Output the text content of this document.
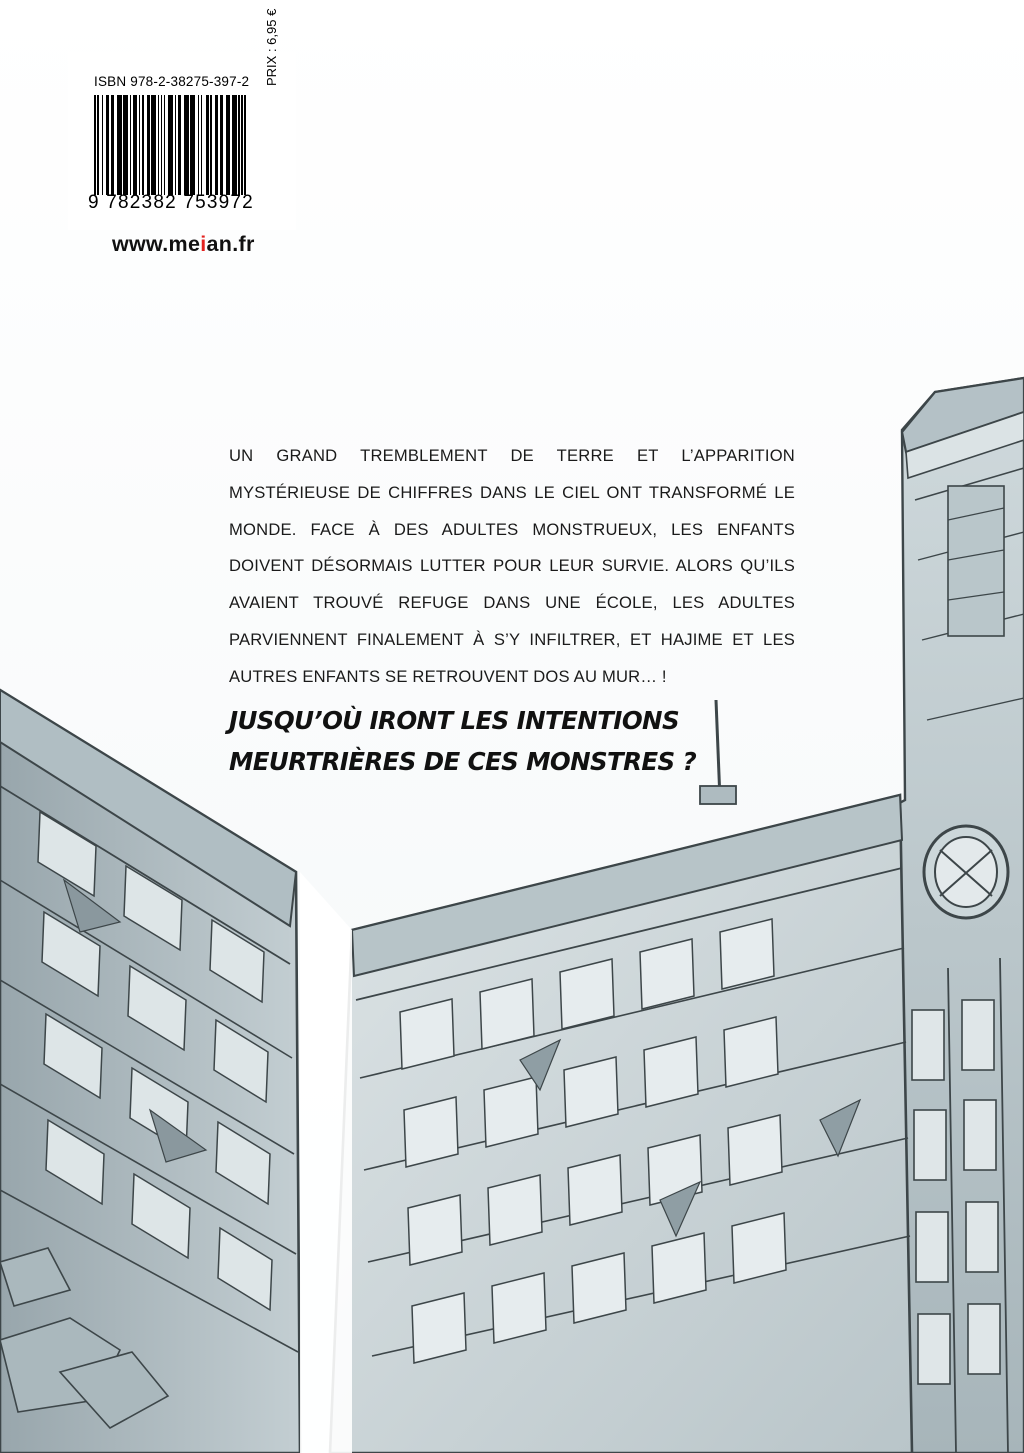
ISBN 978-2-38275-397-2
9 782382 753972
PRIX : 6,95 €
www.meian.fr

UN GRAND TREMBLEMENT DE TERRE ET L’APPARITION MYSTÉRIEUSE DE CHIFFRES DANS LE CIEL ONT TRANSFORMÉ LE MONDE. FACE À DES ADULTES MONSTRUEUX, LES ENFANTS DOIVENT DÉSORMAIS LUTTER POUR LEUR SURVIE. ALORS QU’ILS AVAIENT TROUVÉ REFUGE DANS UNE ÉCOLE, LES ADULTES PARVIENNENT FINALEMENT À S’Y INFILTRER, ET HAJIME ET LES AUTRES ENFANTS SE RETROUVENT DOS AU MUR… !

JUSQU’OÙ IRONT LES INTENTIONS MEURTRIÈRES DE CES MONSTRES ?
